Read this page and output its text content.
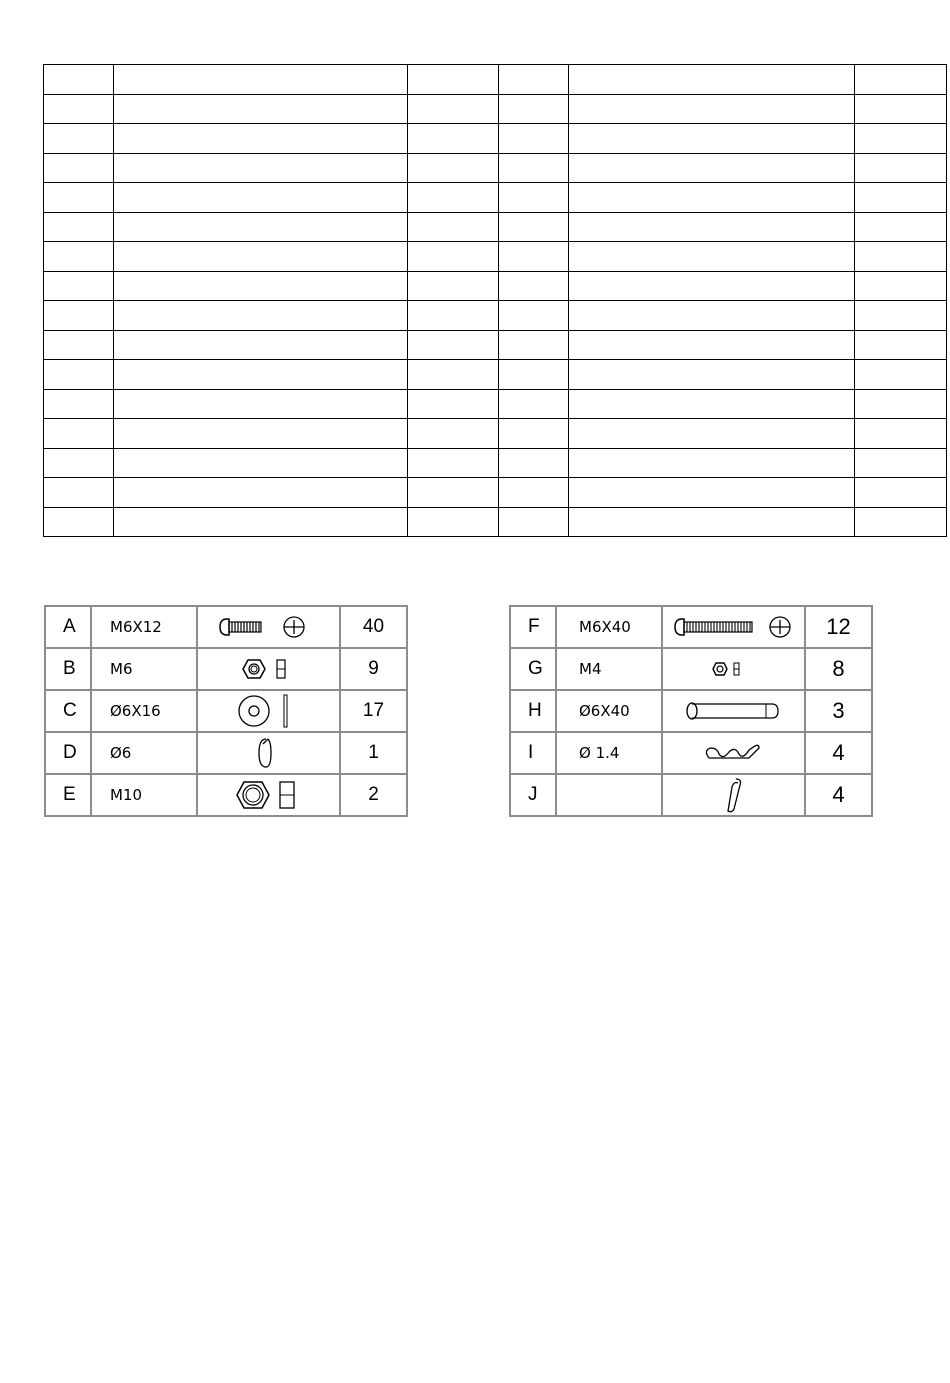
A	M6X12		40
B	M6		9
C	Ø6X16		17
D	Ø6		1
E	M10		2
F	M6X40		12
G	M4		8
H	Ø6X40		3
I	Ø 1.4		4
J			4
